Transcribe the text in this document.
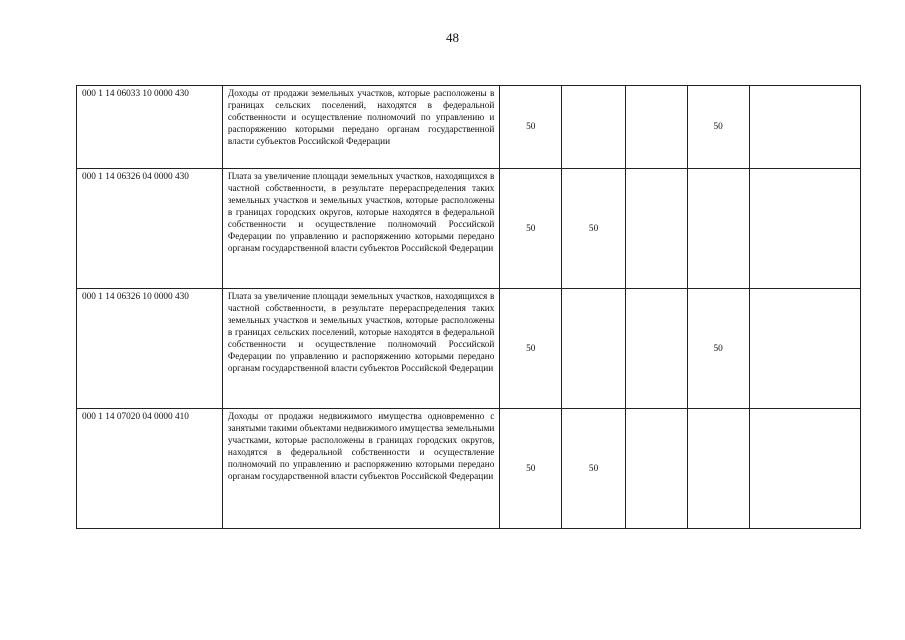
48
000 1 14 06033 10 0000 430	Доходы от продажи земельных участков, которые расположены в границах сельских поселений, находятся в федеральной собственности и осуществление полномочий по управлению и распоряжению которыми передано органам государственной власти субъектов Российской Федерации	50			50	
000 1 14 06326 04 0000 430	Плата за увеличение площади земельных участков, находящихся в частной собственности, в результате перераспределения таких земельных участков и земельных участков, которые расположены в границах городских округов, которые находятся в федеральной собственности и осуществление полномочий Российской Федерации по управлению и распоряжению которыми передано органам государственной власти субъектов Российской Федерации	50	50			
000 1 14 06326 10 0000 430	Плата за увеличение площади земельных участков, находящихся в частной собственности, в результате перераспределения таких земельных участков и земельных участков, которые расположены в границах сельских поселений, которые находятся в федеральной собственности и осуществление полномочий Российской Федерации по управлению и распоряжению которыми передано органам государственной власти субъектов Российской Федерации	50			50	
000 1 14 07020 04 0000 410	Доходы от продажи недвижимого имущества одновременно с занятыми такими объектами недвижимого имущества земельными участками, которые расположены в границах городских округов, находятся в федеральной собственности и осуществление полномочий по управлению и распоряжению которыми передано органам государственной власти субъектов Российской Федерации	50	50			
